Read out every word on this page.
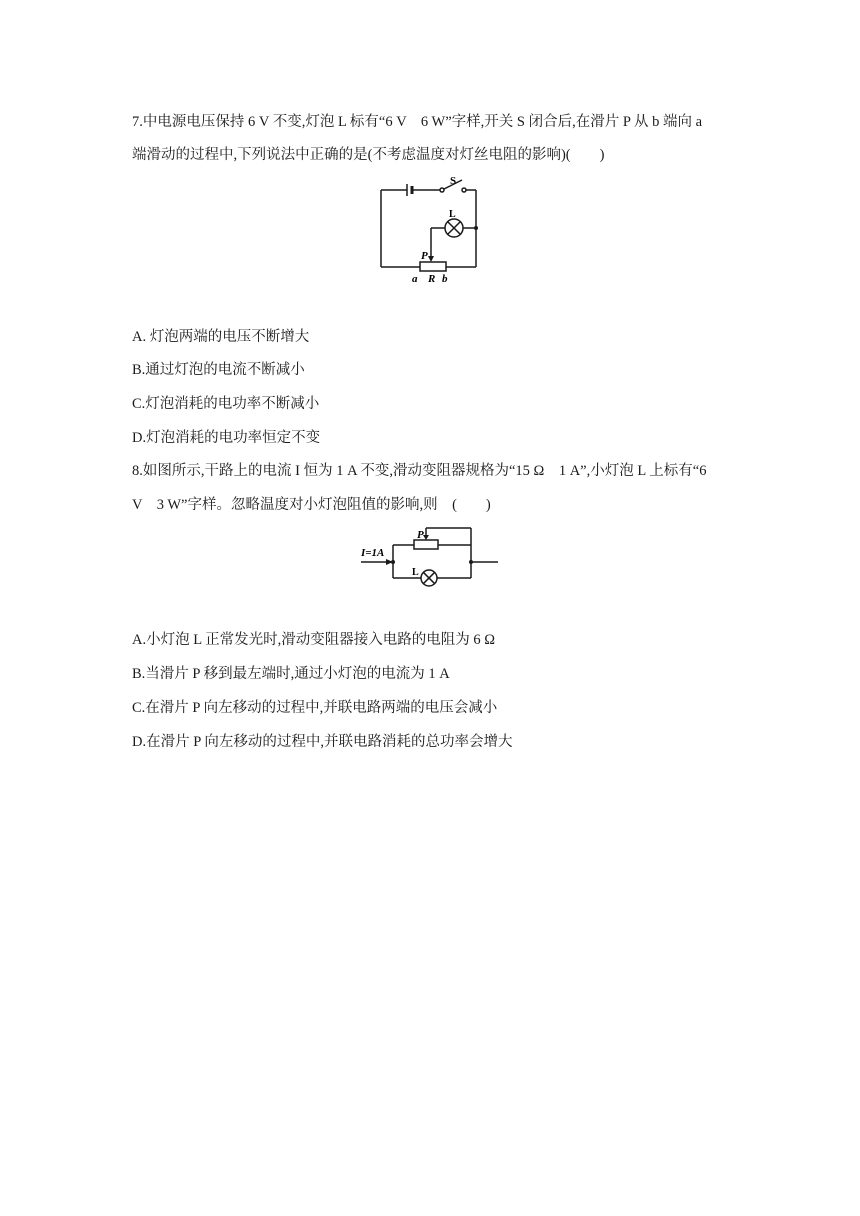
7.中电源电压保持 6 V 不变,灯泡 L 标有“6 V　6 W”字样,开关 S 闭合后,在滑片 P 从 b 端向 a
端滑动的过程中,下列说法中正确的是(不考虑温度对灯丝电阻的影响)(　　)
S
L
P
a R b
A. 灯泡两端的电压不断增大
B.通过灯泡的电流不断减小
C.灯泡消耗的电功率不断减小
D.灯泡消耗的电功率恒定不变
8.如图所示,干路上的电流 I 恒为 1 A 不变,滑动变阻器规格为“15 Ω　1 A”,小灯泡 L 上标有“6
V　3 W”字样。忽略温度对小灯泡阻值的影响,则　(　　)
I=1A
P
L
A.小灯泡 L 正常发光时,滑动变阻器接入电路的电阻为 6 Ω
B.当滑片 P 移到最左端时,通过小灯泡的电流为 1 A
C.在滑片 P 向左移动的过程中,并联电路两端的电压会减小
D.在滑片 P 向左移动的过程中,并联电路消耗的总功率会增大
